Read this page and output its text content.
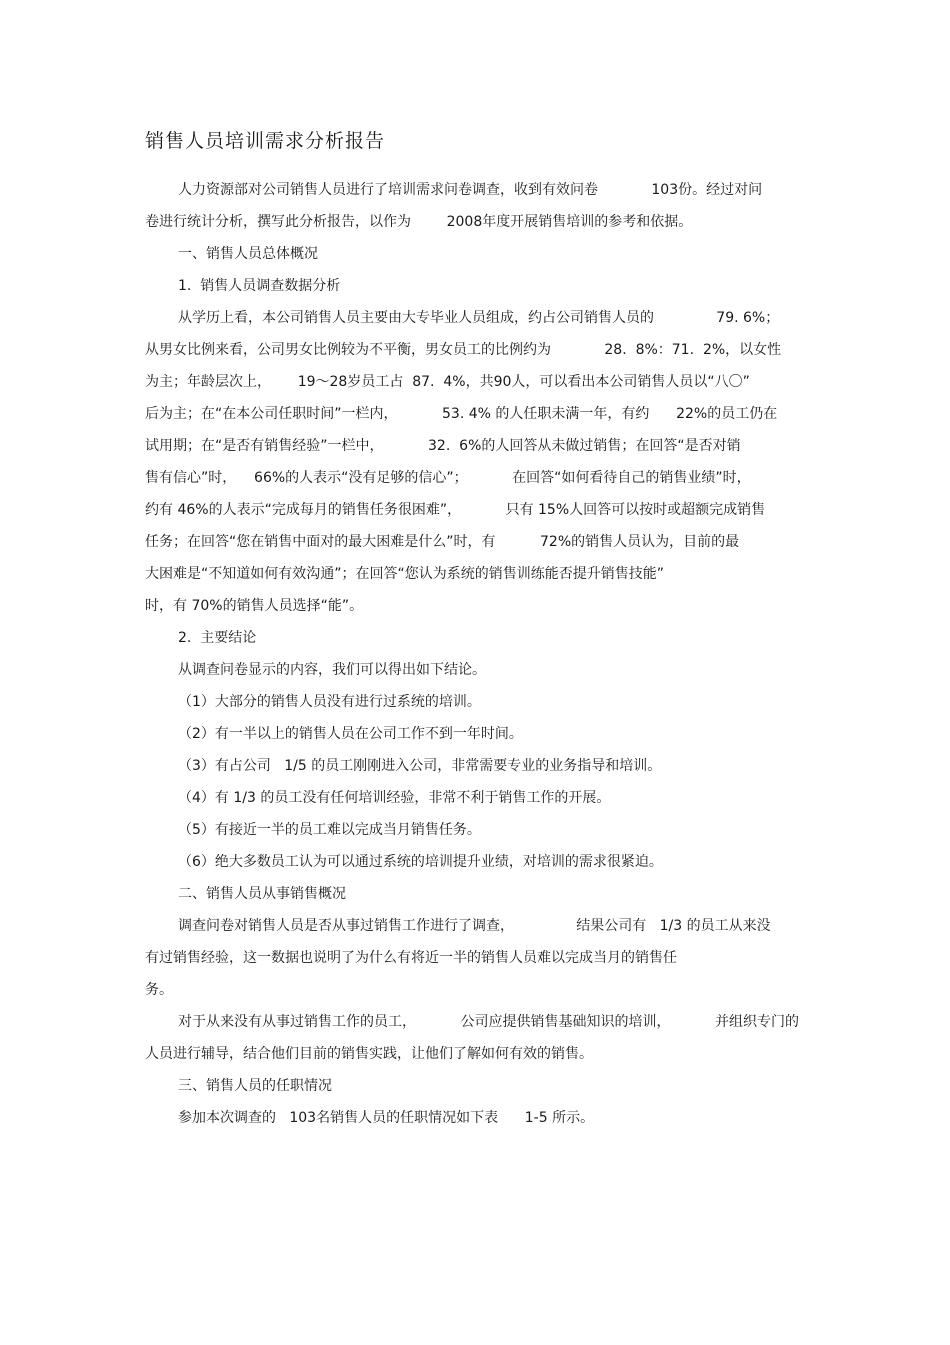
销售人员培训需求分析报告
人力资源部对公司销售人员进行了培训需求问卷调查，收到有效问卷            103份。经过对问
卷进行统计分析，撰写此分析报告，以作为        2008年度开展销售培训的参考和依据。
一、销售人员总体概况
1.  销售人员调查数据分析
从学历上看，本公司销售人员主要由大专毕业人员组成，约占公司销售人员的              79. 6%；
从男女比例来看，公司男女比例较为不平衡，男女员工的比例约为            28.  8%：71.  2%，以女性
为主；年龄层次上，      19～28岁员工占  87.  4%，共90人，可以看出本公司销售人员以“八〇”
后为主；在“在本公司任职时间”一栏内，          53. 4% 的人任职未满一年，有约      22%的员工仍在
试用期；在“是否有销售经验”一栏中，          32.  6%的人回答从未做过销售；在回答“是否对销
售有信心”时，    66%的人表示“没有足够的信心”；          在回答“如何看待自己的销售业绩”时，
约有 46%的人表示“完成每月的销售任务很困难”，          只有 15%人回答可以按时或超额完成销售
任务；在回答“您在销售中面对的最大困难是什么”时，有          72%的销售人员认为，目前的最
大困难是“不知道如何有效沟通”；在回答“您认为系统的销售训练能否提升销售技能”
时，有 70%的销售人员选择“能”。
2.  主要结论
从调查问卷显示的内容，我们可以得出如下结论。
（1）大部分的销售人员没有进行过系统的培训。
（2）有一半以上的销售人员在公司工作不到一年时间。
（3）有占公司   1/5 的员工刚刚进入公司，非常需要专业的业务指导和培训。
（4）有 1/3 的员工没有任何培训经验，非常不利于销售工作的开展。
（5）有接近一半的员工难以完成当月销售任务。
（6）绝大多数员工认为可以通过系统的培训提升业绩，对培训的需求很紧迫。
二、销售人员从事销售概况
调查问卷对销售人员是否从事过销售工作进行了调查，              结果公司有   1/3 的员工从来没
有过销售经验，这一数据也说明了为什么有将近一半的销售人员难以完成当月的销售任
务。
对于从来没有从事过销售工作的员工，          公司应提供销售基础知识的培训，          并组织专门的
人员进行辅导，结合他们目前的销售实践，让他们了解如何有效的销售。
三、销售人员的任职情况
参加本次调查的   103名销售人员的任职情况如下表      1-5 所示。
